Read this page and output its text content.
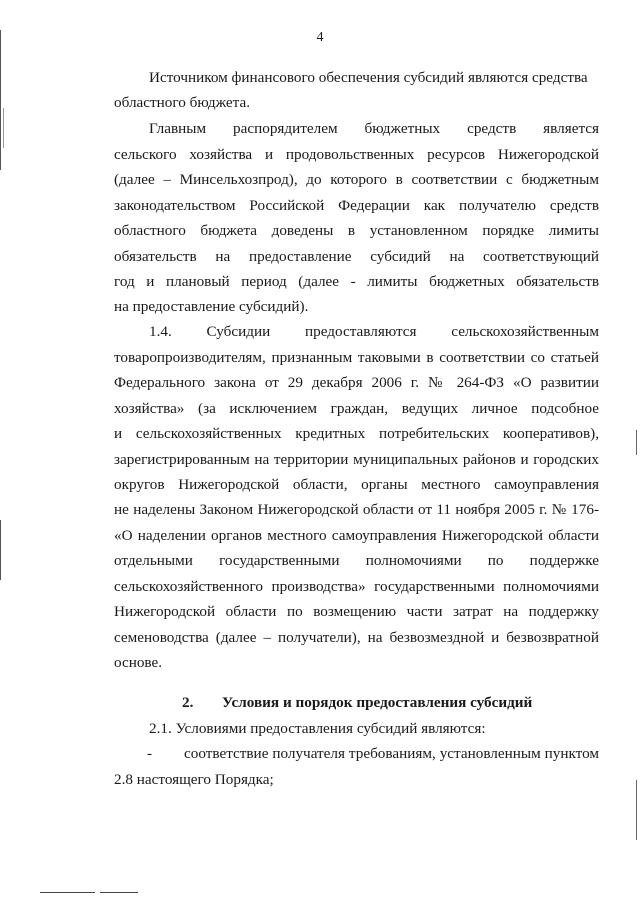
4
Источником финансового обеспечения субсидий являются средства
областного бюджета.
Главным распорядителем бюджетных средств является
сельского хозяйства и продовольственных ресурсов Нижегородской
(далее – Минсельхозпрод), до которого в соответствии с бюджетным
законодательством Российской Федерации как получателю средств
областного бюджета доведены в установленном порядке лимиты
обязательств на предоставление субсидий на соответствующий
год и плановый период (далее - лимиты бюджетных обязательств
на предоставление субсидий).
1.4. Субсидии предоставляются сельскохозяйственным
товаропроизводителям, признанным таковыми в соответствии со статьей
Федерального закона от 29 декабря 2006 г. № 264-ФЗ «О развитии
хозяйства» (за исключением граждан, ведущих личное подсобное
и сельскохозяйственных кредитных потребительских кооперативов),
зарегистрированным на территории муниципальных районов и городских
округов Нижегородской области, органы местного самоуправления
не наделены Законом Нижегородской области от 11 ноября 2005 г. № 176-
«О наделении органов местного самоуправления Нижегородской области
отдельными государственными полномочиями по поддержке
сельскохозяйственного производства» государственными полномочиями
Нижегородской области по возмещению части затрат на поддержку
семеноводства (далее – получатели), на безвозмездной и безвозвратной
основе.
2.	Условия и порядок предоставления субсидий
2.1. Условиями предоставления субсидий являются:
- соответствие получателя требованиям, установленным пунктом
2.8 настоящего Порядка;
